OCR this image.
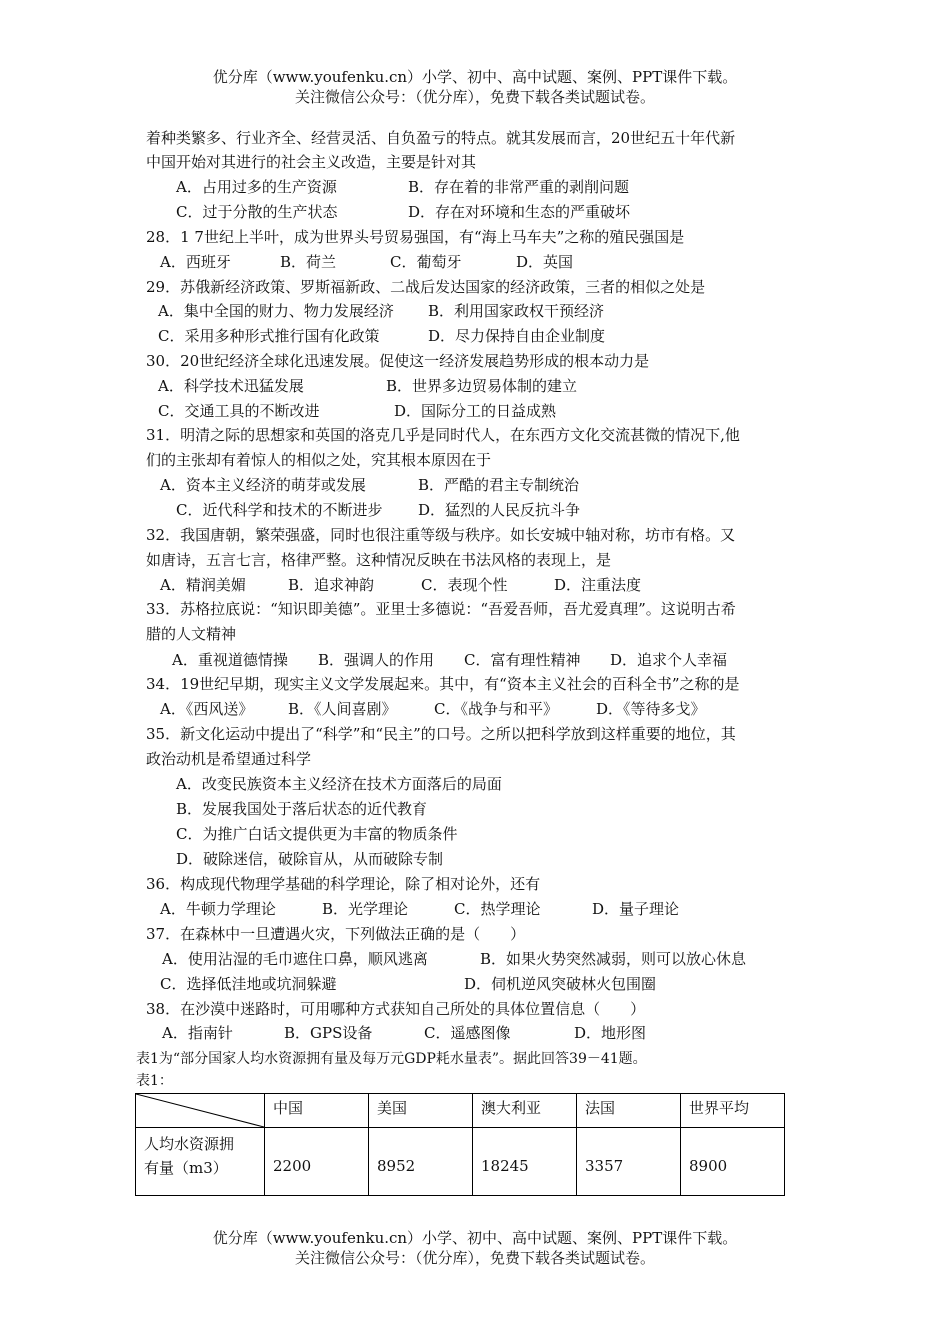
优分库（www.youfenku.cn）小学、初中、高中试题、案例、PPT课件下载。
关注微信公众号：（优分库），免费下载各类试题试卷。
着种类繁多、行业齐全、经营灵活、自负盈亏的特点。就其发展而言，20世纪五十年代新
中国开始对其进行的社会主义改造，主要是针对其
A．占用过多的生产资源	B．存在着的非常严重的剥削问题
C．过于分散的生产状态	D．存在对环境和生态的严重破坏
28．1 7世纪上半叶，成为世界头号贸易强国，有“海上马车夫”之称的殖民强国是
A．西班牙	B．荷兰	C．葡萄牙	D．英国
29．苏俄新经济政策、罗斯福新政、二战后发达国家的经济政策，三者的相似之处是
A．集中全国的财力、物力发展经济 B．利用国家政权干预经济
C．采用多种形式推行国有化政策	D．尽力保持自由企业制度
30．20世纪经济全球化迅速发展。促使这一经济发展趋势形成的根本动力是
A．科学技术迅猛发展	B．世界多边贸易体制的建立
C．交通工具的不断改进	D．国际分工的日益成熟
31．明清之际的思想家和英国的洛克几乎是同时代人，在东西方文化交流甚微的情况下,他
们的主张却有着惊人的相似之处，究其根本原因在于
A．资本主义经济的萌芽或发展	B．严酷的君主专制统治
C．近代科学和技术的不断进步 D．猛烈的人民反抗斗争
32．我国唐朝，繁荣强盛，同时也很注重等级与秩序。如长安城中轴对称，坊市有格。又
如唐诗，五言七言，格律严整。这种情况反映在书法风格的表现上，是
A．精润美媚	B．追求神韵	C．表现个性	D．注重法度
33．苏格拉底说：“知识即美德”。亚里士多德说：“吾爱吾师，吾尤爱真理”。这说明古希
腊的人文精神
A．重视道德情操 B．强调人的作用 C．富有理性精神 D．追求个人幸福
34．19世纪早期，现实主义文学发展起来。其中，有“资本主义社会的百科全书”之称的是
A．《西风送》 B．《人间喜剧》 C．《战争与和平》	D．《等待多戈》
35．新文化运动中提出了“科学”和“民主”的口号。之所以把科学放到这样重要的地位，其
政治动机是希望通过科学
A．改变民族资本主义经济在技术方面落后的局面
B．发展我国处于落后状态的近代教育
C．为推广白话文提供更为丰富的物质条件
D．破除迷信，破除盲从，从而破除专制
36．构成现代物理学基础的科学理论，除了相对论外，还有
A．牛顿力学理论	B．光学理论	C．热学理论	D．量子理论
37．在森林中一旦遭遇火灾，下列做法正确的是（　　）
A．使用沾湿的毛巾遮住口鼻，顺风逃离	B．如果火势突然减弱，则可以放心休息
C．选择低洼地或坑洞躲避	D．伺机逆风突破林火包围圈
38．在沙漠中迷路时，可用哪种方式获知自己所处的具体位置信息（　　）
A．指南针	B．GPS设备	C．遥感图像	D．地形图
表1为“部分国家人均水资源拥有量及每万元GDP耗水量表”。据此回答39－41题。
表1：
	中国	美国	澳大利亚	法国	世界平均

人均水资源拥
有量（m3）	2200	8952	18245	3357	8900
优分库（www.youfenku.cn）小学、初中、高中试题、案例、PPT课件下载。
关注微信公众号：（优分库），免费下载各类试题试卷。
